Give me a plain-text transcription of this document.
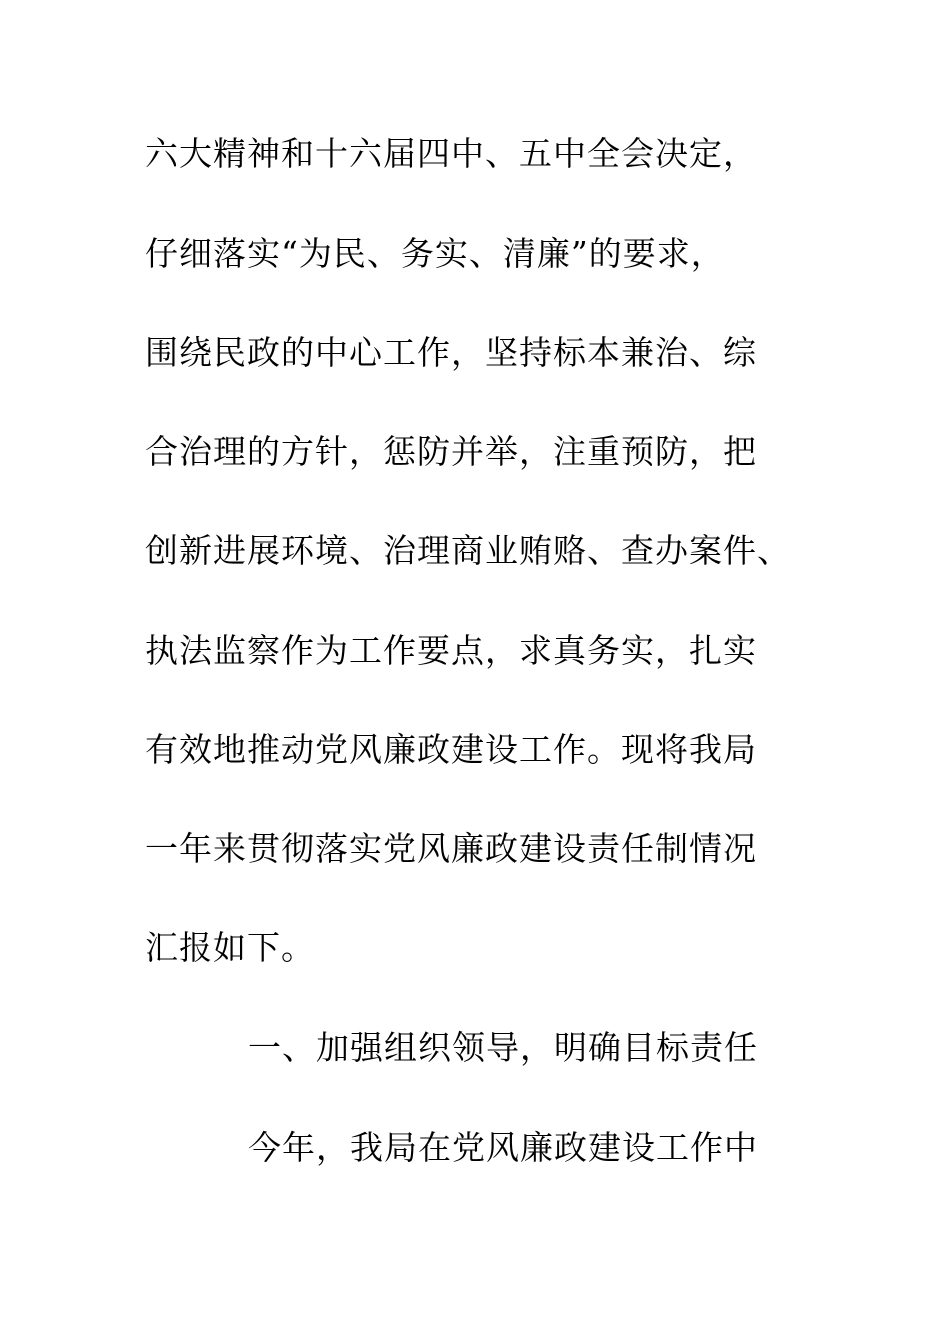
六大精神和十六届四中、五中全会决定，
仔细落实“为民、务实、清廉”的要求，
围绕民政的中心工作，坚持标本兼治、综
合治理的方针，惩防并举，注重预防，把
创新进展环境、治理商业贿赂、查办案件、
执法监察作为工作要点，求真务实，扎实
有效地推动党风廉政建设工作。现将我局
一年来贯彻落实党风廉政建设责任制情况
汇报如下。
一、加强组织领导，明确目标责任
今年，我局在党风廉政建设工作中
